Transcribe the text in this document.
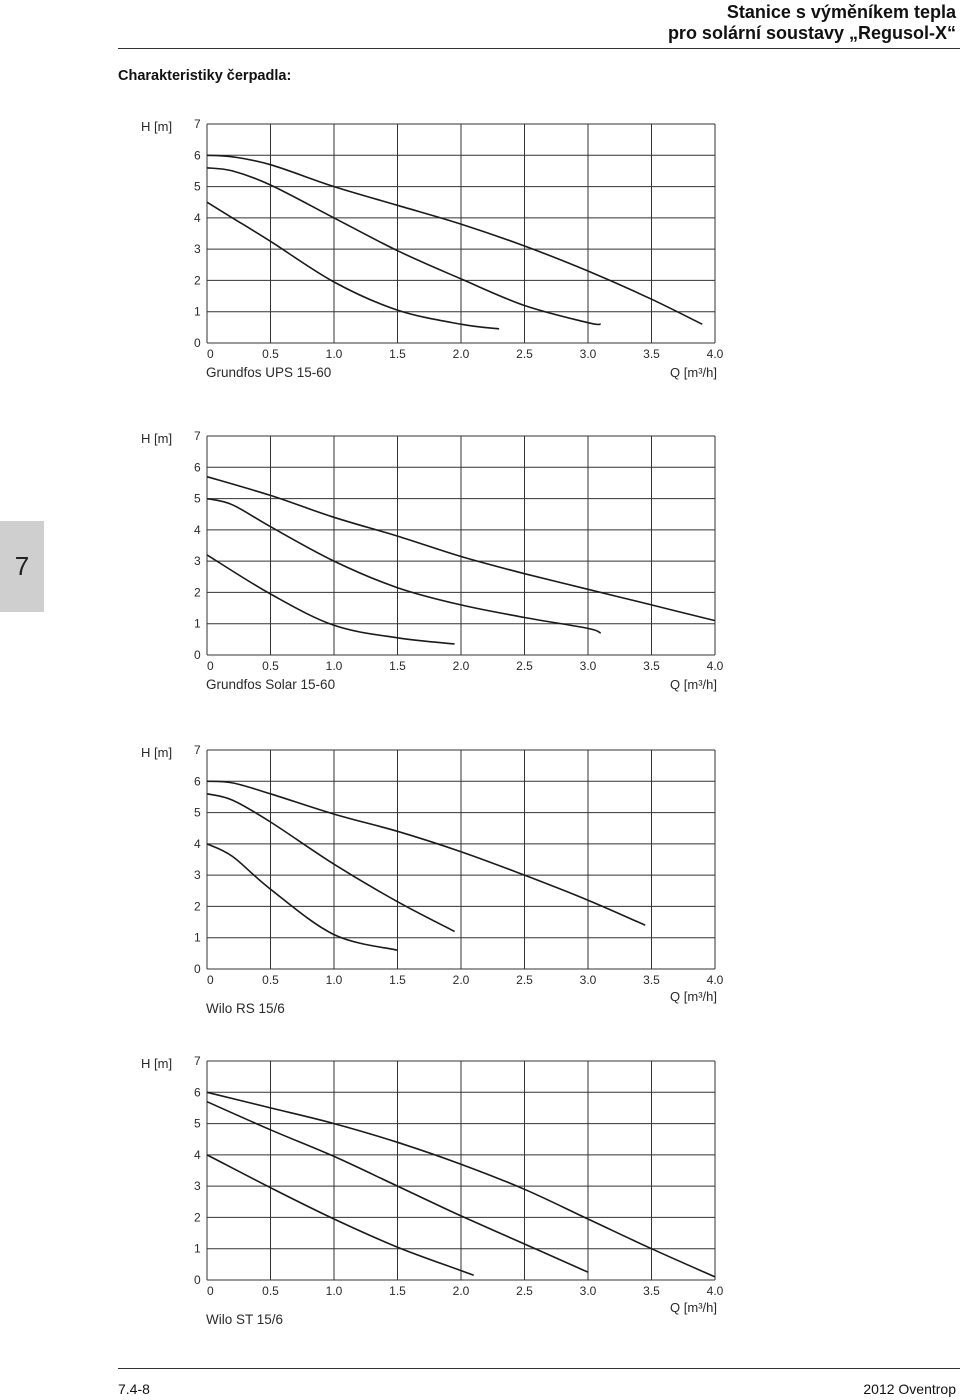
Stanice s výměníkem tepla
pro solární soustavy „Regusol-X“
Charakteristiky čerpadla:
7
0
1
2
3
4
5
6
7
0	0.5	1.0	1.5	2.0	2.5	3.0	3.5	4.0
H [m]
Grundfos UPS 15-60	Q [m³/h]
0
1
2
3
4
5
6
7
0	0.5	1.0	1.5	2.0	2.5	3.0	3.5	4.0
H [m]
Grundfos Solar 15-60	Q [m³/h]
0
1
2
3
4
5
6
7
0	0.5	1.0	1.5	2.0	2.5	3.0	3.5	4.0
H [m]
Wilo RS 15/6
Q [m³/h]
0
1
2
3
4
5
6
7
0	0.5	1.0	1.5	2.0	2.5	3.0	3.5	4.0
H [m]
Wilo ST 15/6
Q [m³/h]
7.4-8	2012 Oventrop
